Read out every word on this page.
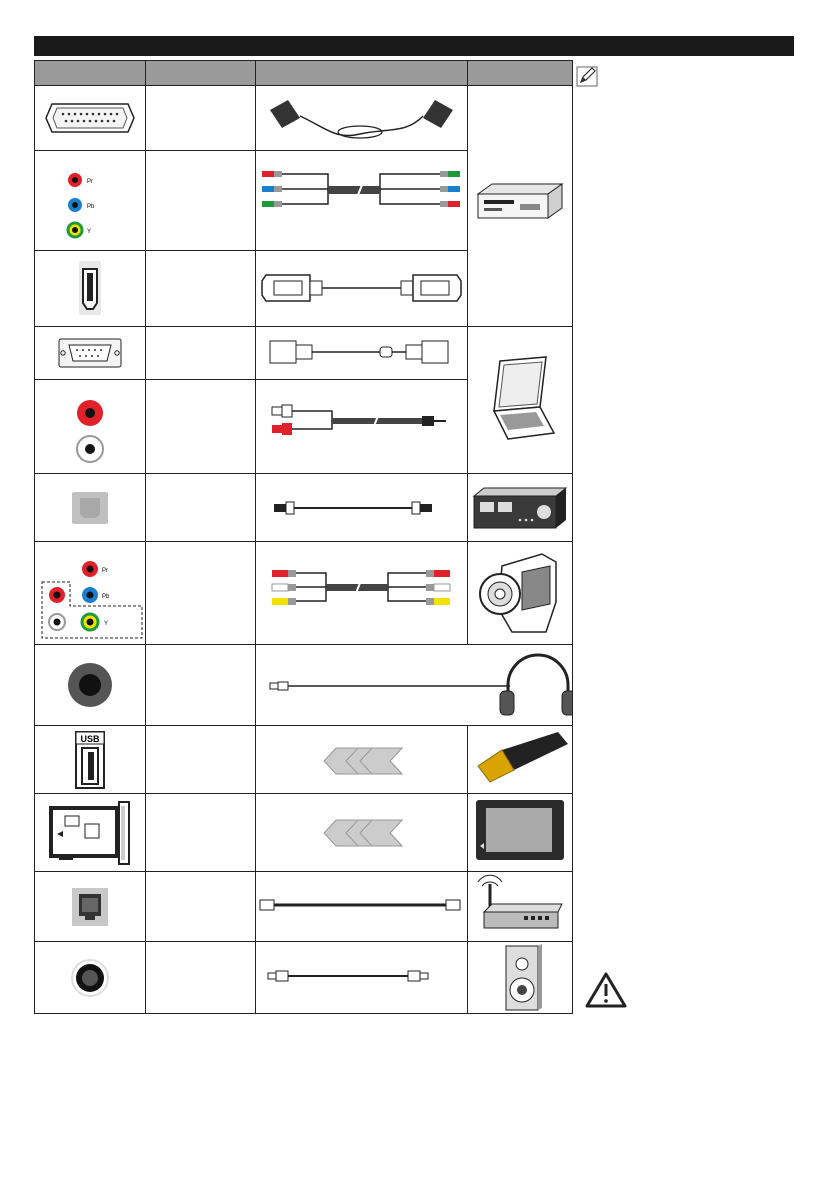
Pr
Pb
Y

Pr
Pb
Y

USB
